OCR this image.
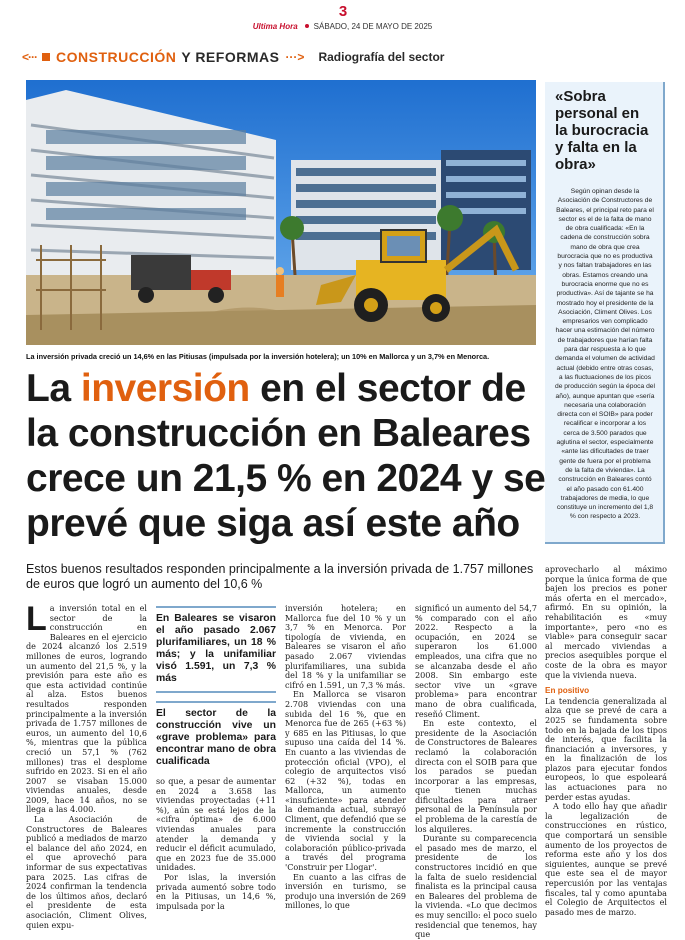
3
Ultima Hora SÁBADO, 24 DE MAYO DE 2025
<··· CONSTRUCCIÓN Y REFORMAS ···> Radiografía del sector
La inversión privada creció un 14,6% en las Pitiusas (impulsada por la inversión hotelera); un 10% en Mallorca y un 3,7% en Menorca.
La inversión en el sector de la construcción en Baleares crece un 21,5 % en 2024 y se prevé que siga así este año
Estos buenos resultados responden principalmente a la inversión privada de 1.757 millones de euros que logró un aumento del 10,6 %
«Sobra personal en la burocracia y falta en la obra»
Según opinan desde la Asociación de Constructores de Baleares, el principal reto para el sector es el de la falta de mano de obra cualificada: «En la cadena de construcción sobra mano de obra que crea burocracia que no es productiva y nos faltan trabajadores en las obras. Estamos creando una burocracia enorme que no es productiva». Así de tajante se ha mostrado hoy el presidente de la Asociación, Climent Olives. Los empresarios ven complicado hacer una estimación del número de trabajadores que harían falta para dar respuesta a lo que demanda el volumen de actividad actual (debido entre otras cosas, a las fluctuaciones de los picos de producción según la época del año), aunque apuntan que «sería necesaria una colaboración directa con el SOIB» para poder recalificar e incorporar a los cerca de 3.500 parados que aglutina el sector, especialmente «ante las dificultades de traer gente de fuera por el problema de la falta de vivienda». La construcción en Baleares contó el año pasado con 61.400 trabajadores de media, lo que constituye un incremento del 1,8 % con respecto a 2023.
L a inversión total en el sector de la construcción en Baleares en el ejercicio de 2024 alcanzó los 2.519 millones de euros, logrando un aumento del 21,5 %, y la previsión para este año es que esta actividad continúe al alza. Estos buenos resultados responden principalmente a la inversión privada de 1.757 millones de euros, un aumento del 10,6 %, mientras que la pública creció un 57,1 % (762 millones) tras el desplome sufrido en 2023. Si en el año 2007 se visaban 15.000 viviendas anuales, desde 2009, hace 14 años, no se llega a las 4.000.

La Asociación de Constructores de Baleares publicó a mediados de marzo el balance del año 2024, en el que aprovechó para informar de sus expectativas para 2025. Las cifras de 2024 confirman la tendencia de los últimos años, declaró el presidente de esta asociación, Climent Olives, quien expu-

En Baleares se visaron el año pasado 2.067 plurifamiliares, un 18 % más; y la unifamiliar visó 1.591, un 7,3 % más
El sector de la construcción vive un «grave problema» para encontrar mano de obra cualificada

so que, a pesar de aumentar en 2024 a 3.658 las viviendas proyectadas (+11 %), aún se está lejos de la «cifra óptima» de 6.000 viviendas anuales para atender la demanda y reducir el déficit acumulado, que en 2023 fue de 35.000 unidades.

Por islas, la inversión privada aumentó sobre todo en la Pitiusas, un 14,6 %, impulsada por la

inversión hotelera; en Mallorca fue del 10 % y un 3,7 % en Menorca. Por tipología de vivienda, en Baleares se visaron el año pasado 2.067 viviendas plurifamiliares, una subida del 18 % y la unifamiliar se cifró en 1.591, un 7,3 % más.

En Mallorca se visaron 2.708 viviendas con una subida del 16 %, que en Menorca fue de 265 (+63 %) y 685 en las Pitiusas, lo que supuso una caída del 14 %. En cuanto a las viviendas de protección oficial (VPO), el colegio de arquitectos visó 62 (+32 %), todas en Mallorca, un aumento «insuficiente» para atender la demanda actual, subrayó Climent, que defendió que se incremente la construcción de vivienda social y la colaboración público-privada a través del programa 'Construir per Llogar'.

En cuanto a las cifras de inversión en turismo, se produjo una inversión de 269 millones, lo que

significó un aumento del 54,7 % comparado con el año 2022. Respecto a la ocupación, en 2024 se superaron los 61.000 empleados, una cifra que no se alcanzaba desde el año 2008. Sin embargo este sector vive un «grave problema» para encontrar mano de obra cualificada, reseñó Climent.

En este contexto, el presidente de la Asociación de Constructores de Baleares reclamó la colaboración directa con el SOIB para que los parados se puedan incorporar a las empresas, que tienen muchas dificultades para atraer personal de la Península por el problema de la carestía de los alquileres.

Durante su comparecencia el pasado mes de marzo, el presidente de los constructores incidió en que la falta de suelo residencial finalista es la principal causa en Baleares del problema de la vivienda. «Lo que decimos es muy sencillo: el poco suelo residencial que tenemos, hay que

aprovecharlo al máximo porque la única forma de que bajen los precios es poner más oferta en el mercado», afirmó. En su opinión, la rehabilitación es «muy importante», pero «no es viable» para conseguir sacar al mercado viviendas a precios asequibles porque el coste de la obra es mayor que la vivienda nueva.

En positivo

La tendencia generalizada al alza que se prevé de cara a 2025 se fundamenta sobre todo en la bajada de los tipos de interés, que facilita la financiación a inversores, y en la finalización de los plazos para ejecutar fondos europeos, lo que espoleará las actuaciones para no perder estas ayudas.

A todo ello hay que añadir la legalización de construcciones en rústico, que comportará un sensible aumento de los proyectos de reforma este año y los dos siguientes, aunque se prevé que este sea el de mayor repercusión por las ventajas fiscales, tal y como apuntaba el Colegio de Arquitectos el pasado mes de marzo.
